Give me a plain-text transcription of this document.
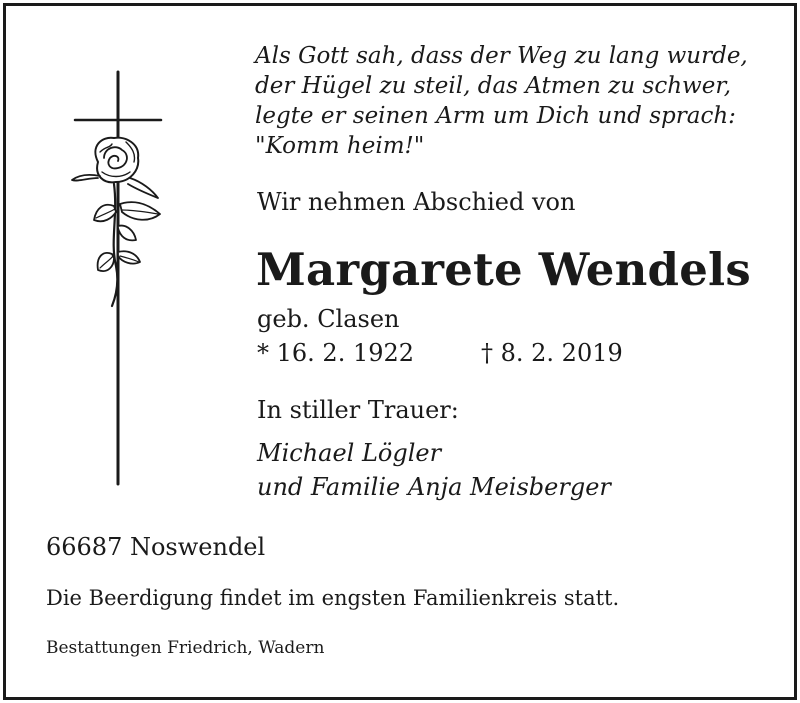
Als Gott sah, dass der Weg zu lang wurde,
der Hügel zu steil, das Atmen zu schwer,
legte er seinen Arm um Dich und sprach:
"Komm heim!"
Wir nehmen Abschied von
Margarete Wendels
geb. Clasen
* 16. 2. 1922	† 8. 2. 2019
In stiller Trauer:
Michael Lögler
und Familie Anja Meisberger
66687 Noswendel
Die Beerdigung findet im engsten Familienkreis statt.
Bestattungen Friedrich, Wadern
